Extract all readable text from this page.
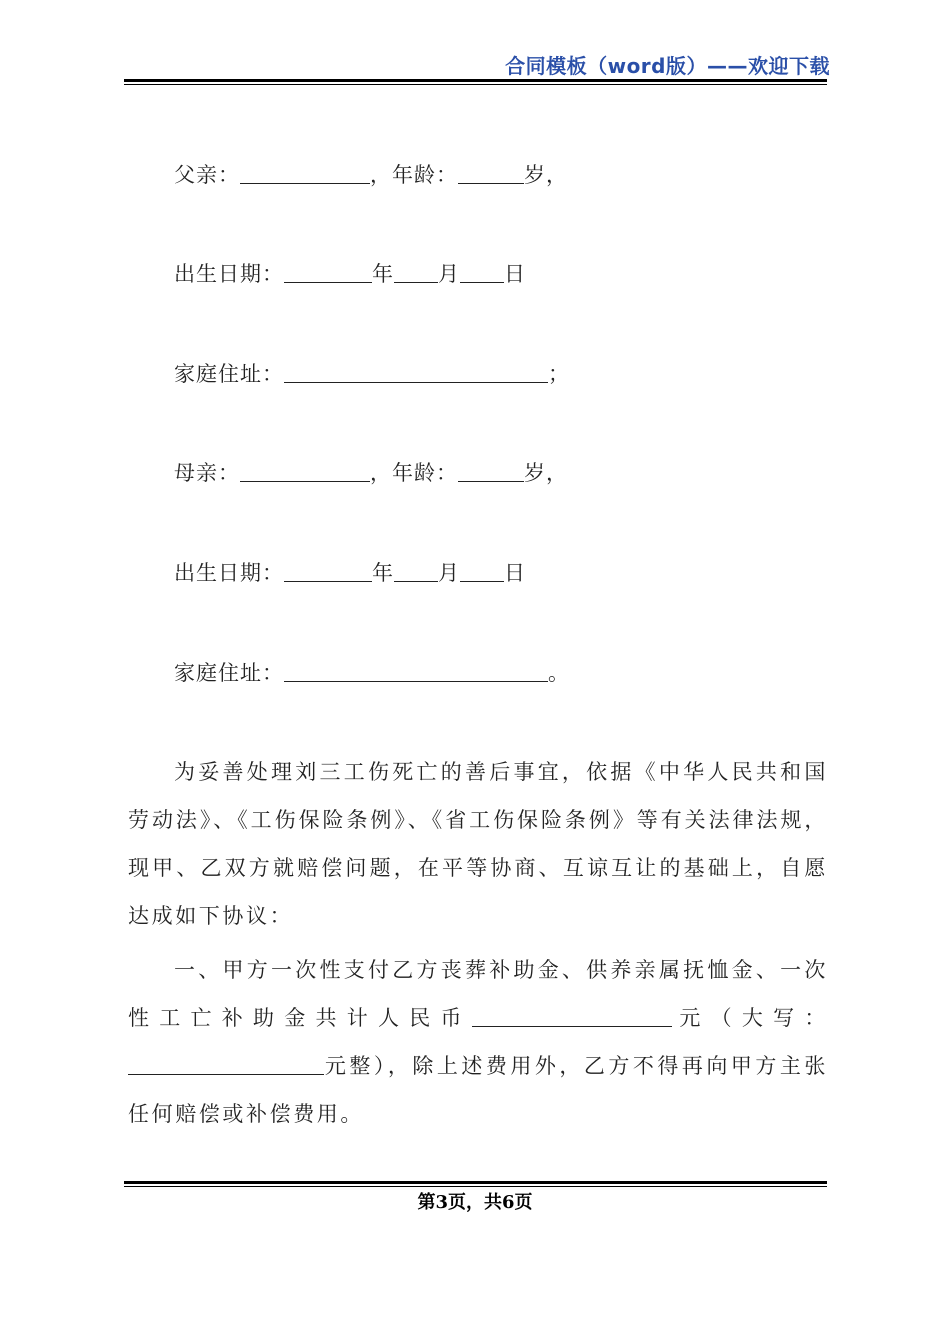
合同模板（word版）——欢迎下载
父亲：	，年龄：	岁，
出生日期：	年 月 日
家庭住址：	；
母亲：	，年龄：	岁，
出生日期：	年 月 日
家庭住址：	。
为妥善处理刘三工伤死亡的善后事宜，依据《中华人民共和国劳动法》、《工伤保险条例》、《省工伤保险条例》等有关法律法规，现甲、乙双方就赔偿问题，在平等协商、互谅互让的基础上，自愿达成如下协议：
一、甲方一次性支付乙方丧葬补助金、供养亲属抚恤金、一次性工亡补助金共计人民币	元（大写：元整），除上述费用外，乙方不得再向甲方主张任何赔偿或补偿费用。
第3页，共6页
